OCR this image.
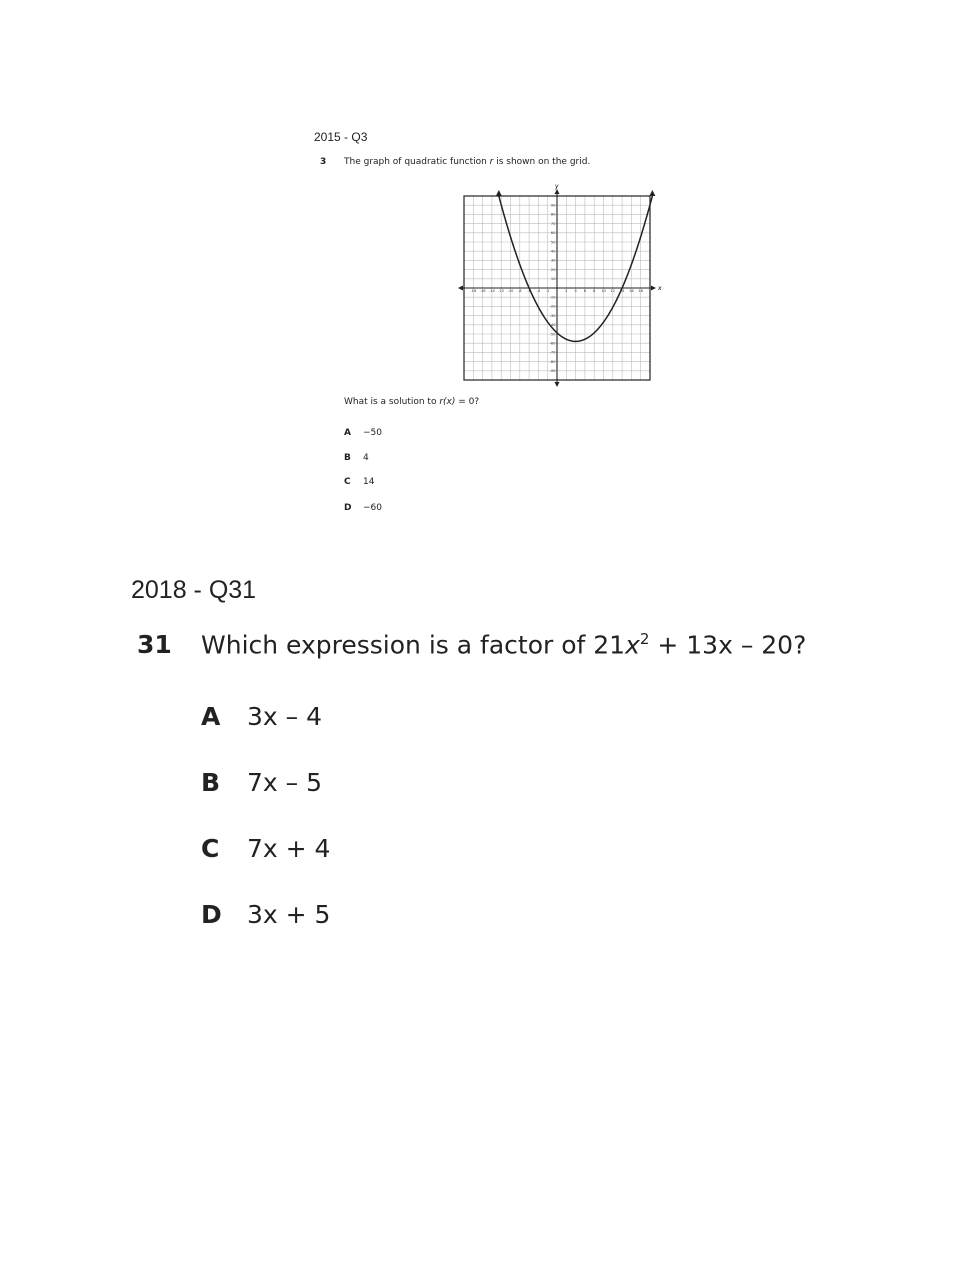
2015 - Q3
3 The graph of quadratic function r is shown on the grid.
x
y
-18 -16 -14 -12 -10 -8 -6 -4 -2	2 4 6 8 10 12 14 16 18
90
80
70
60
50
40
30
20
10
-10
-20
-30
-40
-50
-60
-70
-80
-90
What is a solution to r(x) = 0?
A −50
B 4
C 14
D −60
2018 - Q31
31 Which expression is a factor of $21x^2 + 13x - 20$?
A 3x – 4
B 7x – 5
C 7x + 4
D 3x + 5
